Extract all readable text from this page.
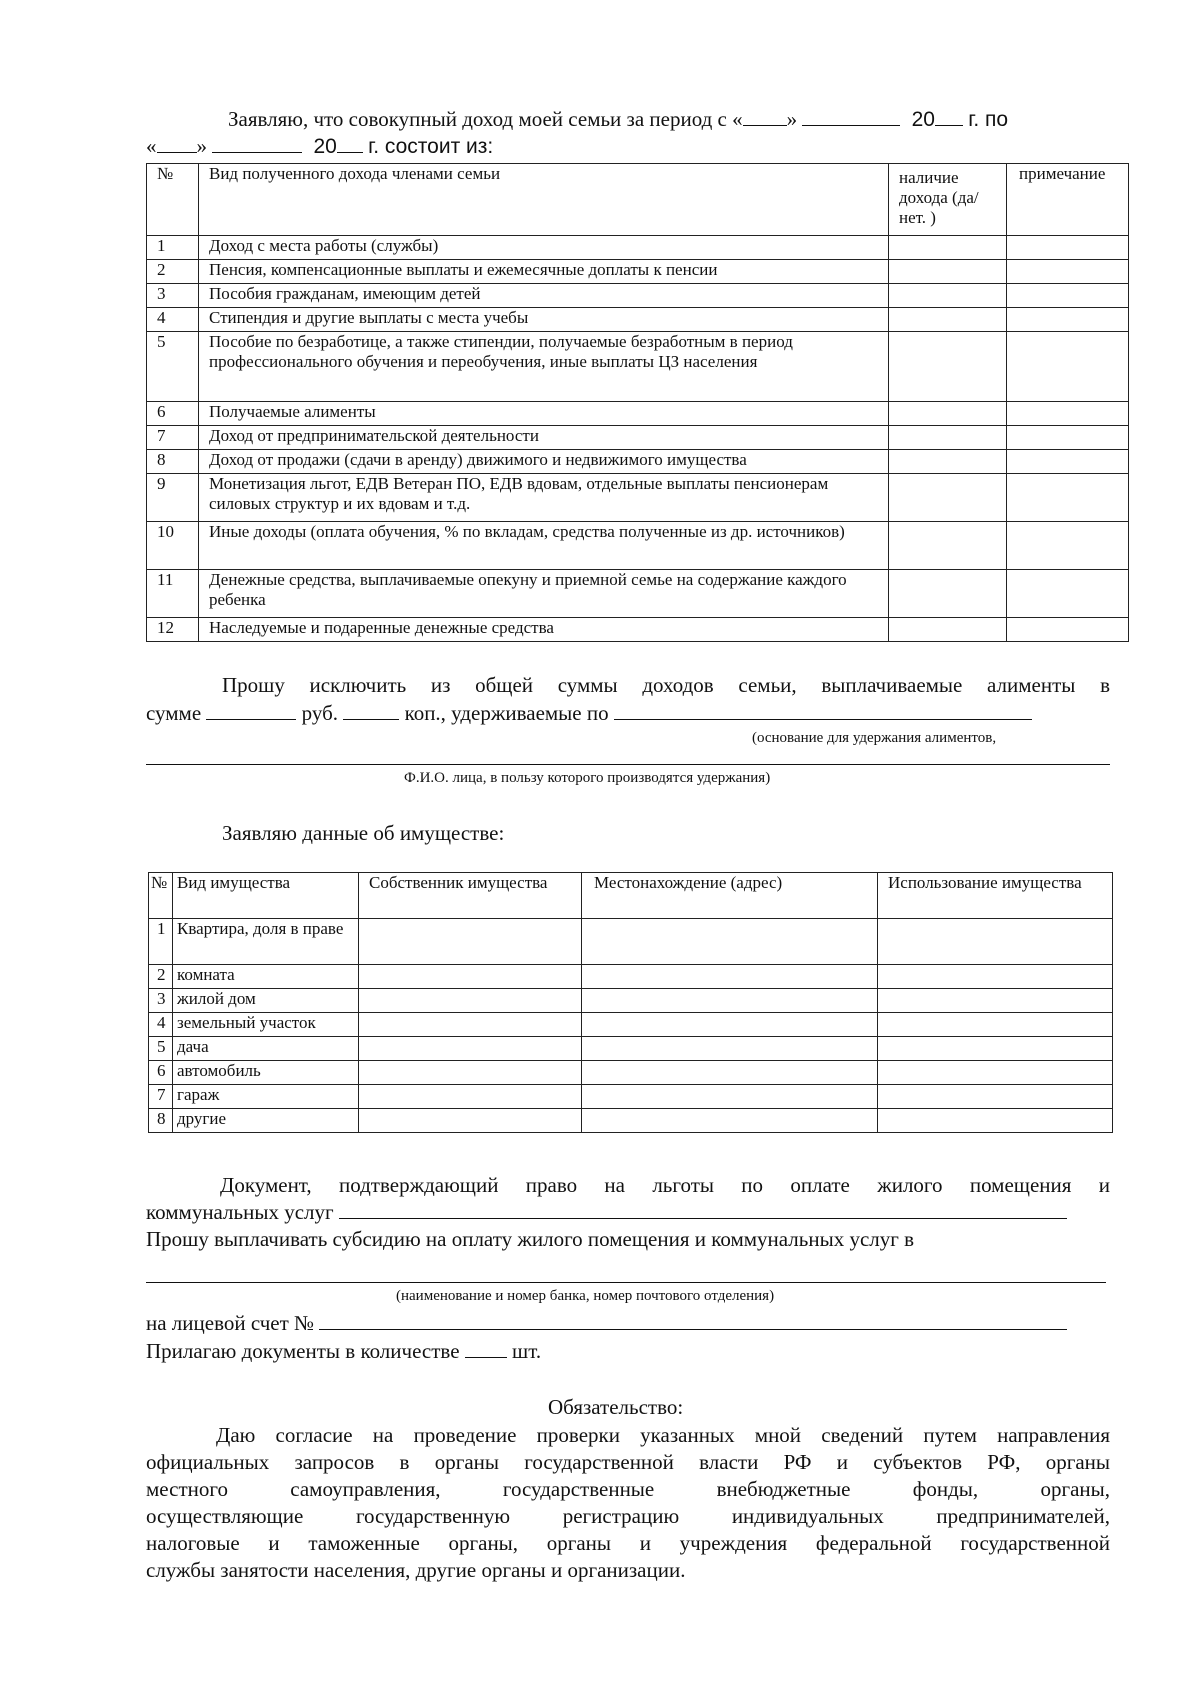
Заявляю, что совокупный доход моей семьи за период с « »	20 г. по
« »	20 г. состоит из:
№	Вид полученного дохода членами семьи	наличие дохода (да/нет. )	примечание
1	Доход с места работы (службы)		
2	Пенсия, компенсационные выплаты и ежемесячные доплаты к пенсии		
3	Пособия гражданам, имеющим детей		
4	Стипендия и другие выплаты с места учебы		
5	Пособие по безработице, а также стипендии, получаемые безработным в период профессионального обучения и переобучения, иные выплаты ЦЗ населения		
6	Получаемые алименты		
7	Доход от предпринимательской деятельности		
8	Доход от продажи (сдачи в аренду) движимого и недвижимого имущества		
9	Монетизация льгот, ЕДВ Ветеран ПО, ЕДВ вдовам, отдельные выплаты пенсионерам силовых структур и их вдовам и т.д.		
10	Иные доходы (оплата обучения, % по вкладам, средства полученные из др. источников)		
11	Денежные средства, выплачиваемые опекуну и приемной семье на содержание каждого ребенка		
12	Наследуемые и подаренные денежные средства		
Прошу исключить из общей суммы доходов семьи, выплачиваемые алименты в
сумме	руб.	коп., удерживаемые по
(основание для удержания алиментов,
Ф.И.О. лица, в пользу которого производятся удержания)
Заявляю данные об имуществе:
№	Вид имущества	Собственник имущества	Местонахождение (адрес)	Использование имущества
1	Квартира, доля в праве			
2	комната			
3	жилой дом			
4	земельный участок			
5	дача			
6	автомобиль			
7	гараж			
8	другие			
Документ, подтверждающий право на льготы по оплате жилого помещения и
коммунальных услуг
Прошу выплачивать субсидию на оплату жилого помещения и коммунальных услуг в
(наименование и номер банка, номер почтового отделения)
на лицевой счет №
Прилагаю документы в количестве	шт.
Обязательство:
Даю согласие на проведение проверки указанных мной сведений путем направления
официальных запросов в органы государственной власти РФ и субъектов РФ, органы
местного самоуправления, государственные внебюджетные фонды, органы,
осуществляющие государственную регистрацию индивидуальных предпринимателей,
налоговые и таможенные органы, органы и учреждения федеральной государственной
службы занятости населения, другие органы и организации.
